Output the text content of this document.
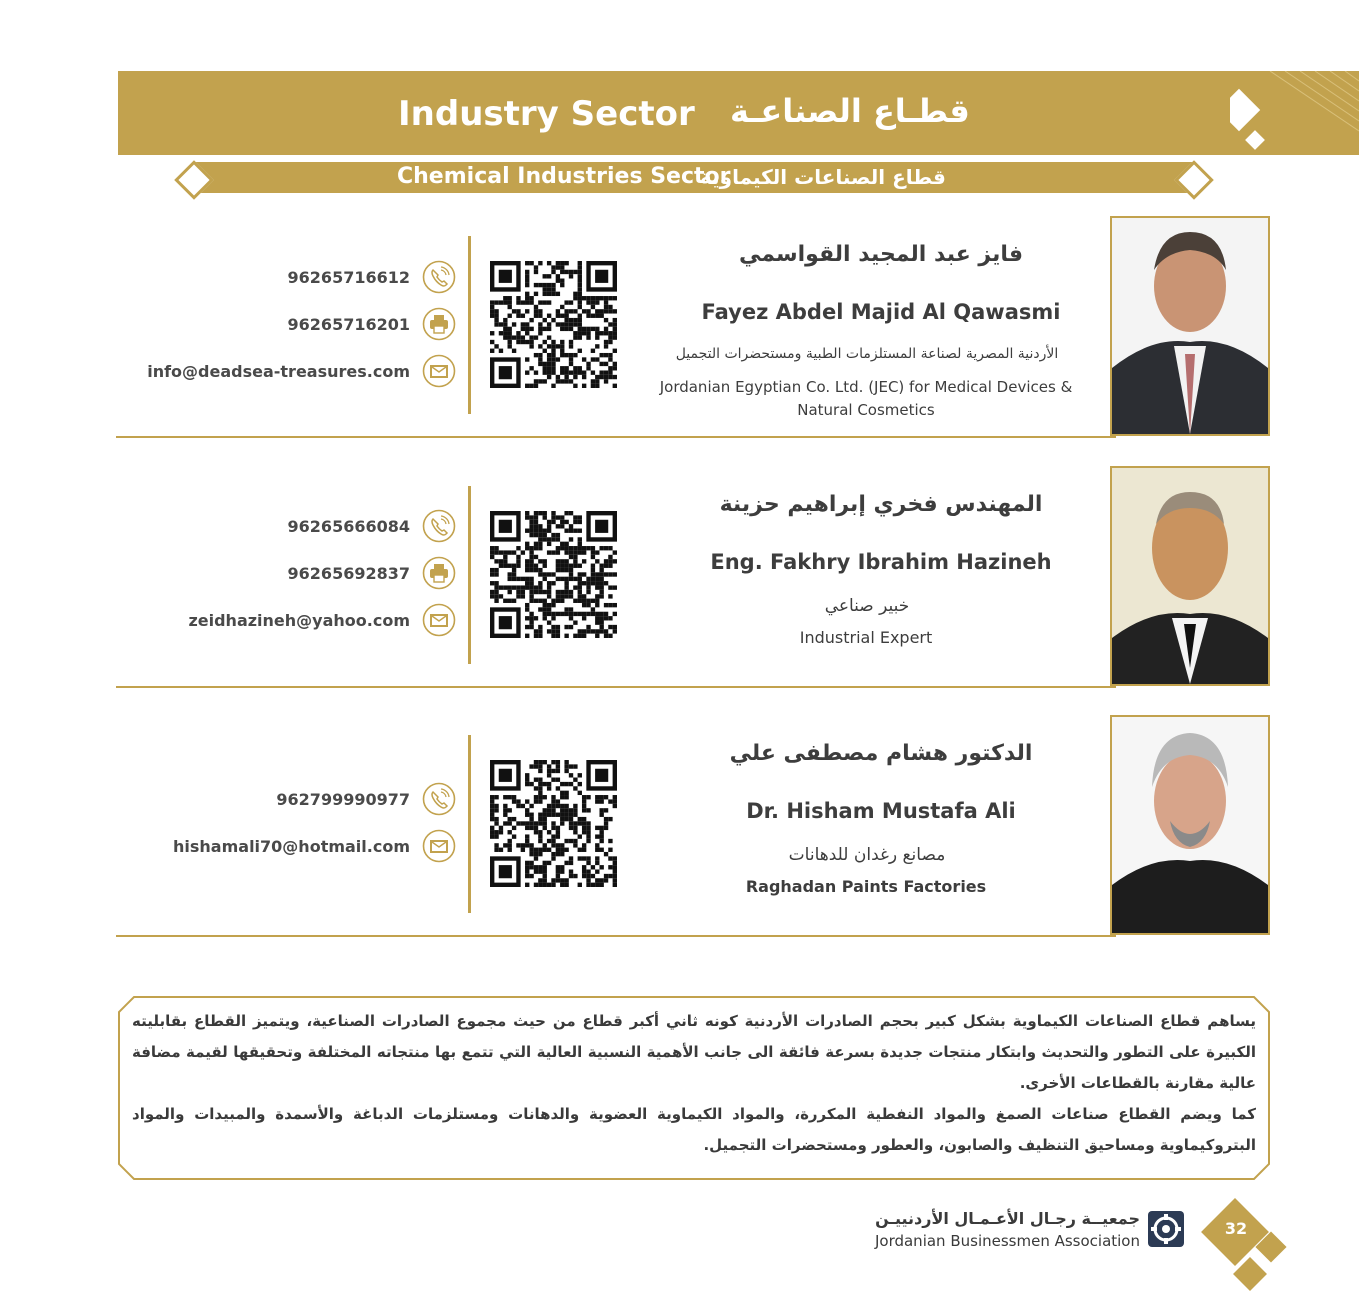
Industry Sector قطـاع الصناعـة
Chemical Industries Sector
قطاع الصناعات الكيماوية
96265716612
96265716201
info@deadsea-treasures.com
فايز عبد المجيد القواسمي
Fayez Abdel Majid Al Qawasmi
الأردنية المصرية لصناعة المستلزمات الطبية ومستحضرات التجميل
Jordanian Egyptian Co. Ltd. (JEC) for Medical Devices & Natural Cosmetics
96265666084
96265692837
zeidhazineh@yahoo.com
المهندس فخري إبراهيم حزينة
Eng. Fakhry Ibrahim Hazineh
خبير صناعي
Industrial Expert
962799990977
hishamali70@hotmail.com
الدكتور هشام مصطفى علي
Dr. Hisham Mustafa Ali
مصانع رغدان للدهانات
Raghadan Paints Factories

يساهم قطاع الصناعات الكيماوية بشكل كبير بحجم الصادرات الأردنية كونه ثاني أكبر قطاع من حيث مجموع الصادرات الصناعية، ويتميز القطاع بقابليته الكبيرة على التطور والتحديث وابتكار منتجات جديدة بسرعة فائقة الى جانب الأهمية النسبية العالية التي تتمع بها منتجاته المختلفة وتحقيقها لقيمة مضافة عالية مقارنة بالقطاعات الأخرى.

كما ويضم القطاع صناعات الصمغ والمواد النفطية المكررة، والمواد الكيماوية العضوية والدهانات ومستلزمات الدباغة والأسمدة والمبيدات والمواد البتروكيماوية ومساحيق التنظيف والصابون، والعطور ومستحضرات التجميل.

جمعيــة رجـال الأعـمـال الأردنييـن
Jordanian Businessmen Association
32
